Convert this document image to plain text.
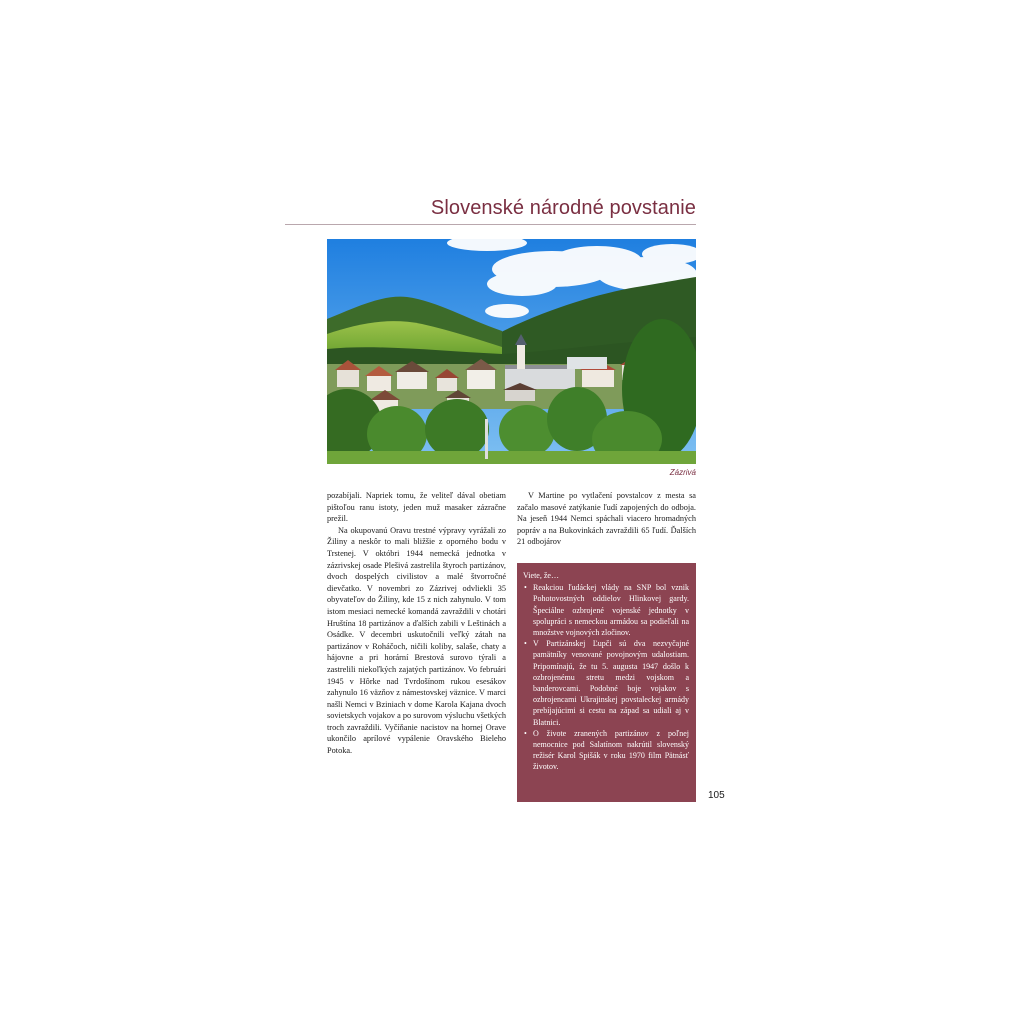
Slovenské národné povstanie
Zázrivá

pozabíjali. Napriek tomu, že veliteľ dával obetiam pištoľou ranu istoty, jeden muž masaker zázračne prežil.

Na okupovanú Oravu trestné výpravy vyrážali zo Žiliny a neskôr to mali bližšie z oporného bodu v Trstenej. V októbri 1944 nemecká jednotka v zázrivskej osade Plešivá zastrelila štyroch partizánov, dvoch dospelých civilistov a malé štvorročné dievčatko. V novembri zo Zázrivej odvliekli 35 obyvateľov do Žiliny, kde 15 z nich zahynulo. V tom istom mesiaci nemecké komandá zavraždili v chotári Hruštína 18 partizánov a ďalších zabili v Leštinách a Osádke. V decembri uskutočnili veľký zátah na partizánov v Roháčoch, ničili koliby, salaše, chaty a hájovne a pri horární Brestová surovo týrali a zastrelili niekoľkých zajatých partizánov. Vo februári 1945 v Hôrke nad Tvrdošínom rukou esesákov zahynulo 16 väzňov z námestovskej väznice. V marci našli Nemci v Bziniach v dome Karola Kajana dvoch sovietskych vojakov a po surovom výsluchu všetkých troch zavraždili. Vyčíňanie nacistov na hornej Orave ukončilo aprílové vypálenie Oravského Bieleho Potoka.

V Martine po vytlačení povstalcov z mesta sa začalo masové zatýkanie ľudí zapojených do odboja. Na jeseň 1944 Nemci spáchali viacero hromadných popráv a na Bukovinkách zavraždili 65 ľudí. Ďalších 21 odbojárov

Viete, že…
• Reakciou ľudáckej vlády na SNP bol vznik Pohotovostných oddielov Hlinkovej gardy. Špeciálne ozbrojené vojenské jednotky v spolupráci s nemeckou armádou sa podieľali na množstve vojnových zločinov.
• V Partizánskej Ľupči sú dva nezvyčajné pamätníky venované povojnovým udalostiam. Pripomínajú, že tu 5. augusta 1947 došlo k ozbrojenému stretu medzi vojskom a banderovcami. Podobné boje vojakov s ozbrojencami Ukrajinskej povstaleckej armády prebíjajúcimi si cestu na západ sa udiali aj v Blatnici.
• O živote zranených partizánov z poľnej nemocnice pod Salatínom nakrútil slovenský režisér Karol Spišák v roku 1970 film Pätnásť životov.
105
